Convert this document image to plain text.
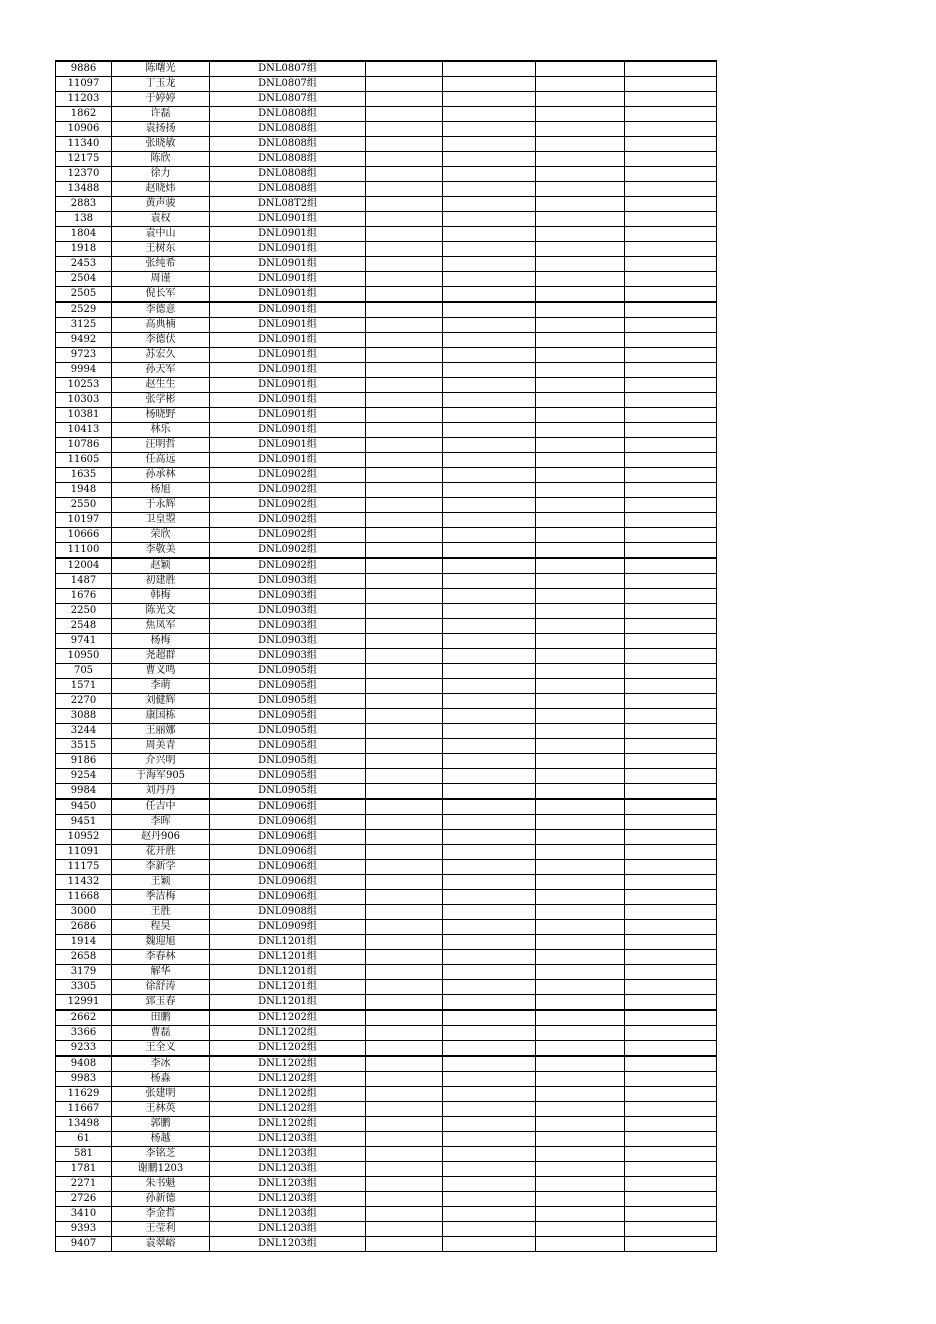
9886	陈曙光	DNL0807组				
11097	丁玉龙	DNL0807组				
11203	于婷婷	DNL0807组				
1862	许磊	DNL0808组				
10906	袁扬扬	DNL0808组				
11340	张晓敏	DNL0808组				
12175	陈欣	DNL0808组				
12370	徐力	DNL0808组				
13488	赵晓炜	DNL0808组				
2883	黄声骏	DNL08T2组				
138	袁权	DNL0901组				
1804	袁中山	DNL0901组				
1918	王树东	DNL0901组				
2453	张纯希	DNL0901组				
2504	周谨	DNL0901组				
2505	倪长军	DNL0901组				
2529	李德意	DNL0901组				
3125	高典楠	DNL0901组				
9492	李德伏	DNL0901组				
9723	苏宏久	DNL0901组				
9994	孙天军	DNL0901组				
10253	赵生生	DNL0901组				
10303	张学彬	DNL0901组				
10381	杨晓野	DNL0901组				
10413	林乐	DNL0901组				
10786	汪明哲	DNL0901组				
11605	任高远	DNL0901组				
1635	孙承林	DNL0902组				
1948	杨旭	DNL0902组				
2550	于永辉	DNL0902组				
10197	卫皇曌	DNL0902组				
10666	荣欣	DNL0902组				
11100	李敬美	DNL0902组				
12004	赵颖	DNL0902组				
1487	初建胜	DNL0903组				
1676	韩梅	DNL0903组				
2250	陈光文	DNL0903组				
2548	焦凤军	DNL0903组				
9741	杨梅	DNL0903组				
10950	尧超群	DNL0903组				
705	曹义鸣	DNL0905组				
1571	李萌	DNL0905组				
2270	刘健辉	DNL0905组				
3088	康国栋	DNL0905组				
3244	王丽娜	DNL0905组				
3515	周美青	DNL0905组				
9186	介兴明	DNL0905组				
9254	于海军905	DNL0905组				
9984	刘丹丹	DNL0905组				
9450	任吉中	DNL0906组				
9451	李晖	DNL0906组				
10952	赵丹906	DNL0906组				
11091	花开胜	DNL0906组				
11175	李新学	DNL0906组				
11432	王颖	DNL0906组				
11668	季洁梅	DNL0906组				
3000	王胜	DNL0908组				
2686	程昊	DNL0909组				
1914	魏迎旭	DNL1201组				
2658	李春林	DNL1201组				
3179	解华	DNL1201组				
3305	徐舒涛	DNL1201组				
12991	郅玉春	DNL1201组				
2662	田鹏	DNL1202组				
3366	曹磊	DNL1202组				
9233	王全义	DNL1202组				
9408	李冰	DNL1202组				
9983	杨淼	DNL1202组				
11629	张建明	DNL1202组				
11667	王林英	DNL1202组				
13498	郭鹏	DNL1202组				
61	杨越	DNL1203组				
581	李铭芝	DNL1203组				
1781	谢鹏1203	DNL1203组				
2271	朱书魁	DNL1203组				
2726	孙新德	DNL1203组				
3410	李金哲	DNL1203组				
9393	王莹利	DNL1203组				
9407	袁翠峪	DNL1203组				
